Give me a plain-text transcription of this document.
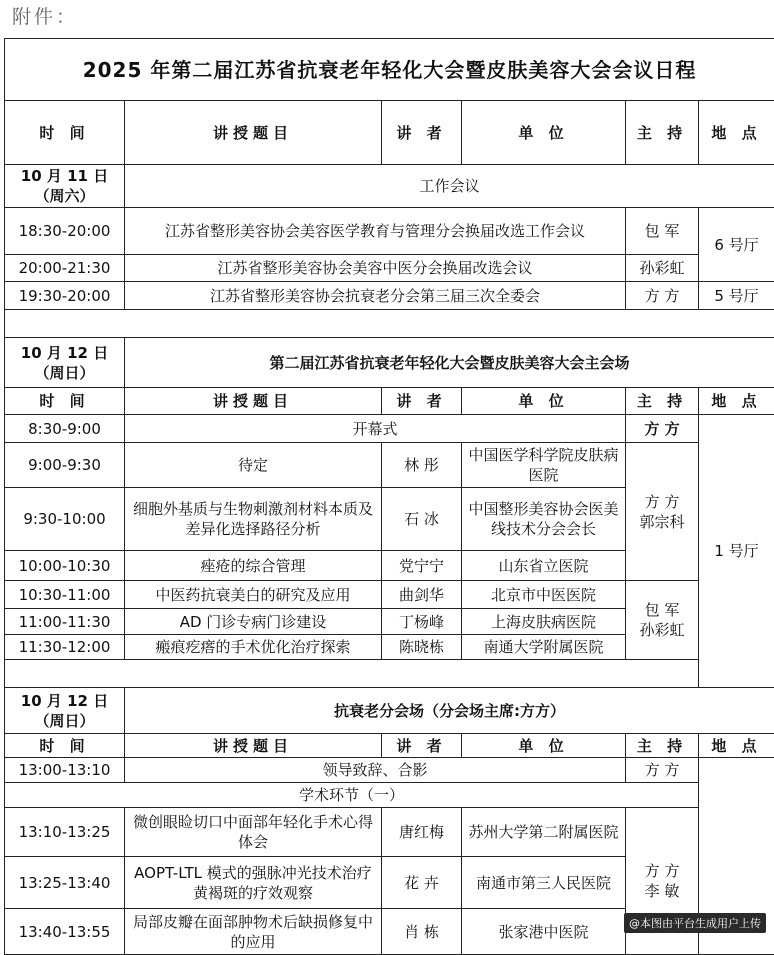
附件：
2025 年第二届江苏省抗衰老年轻化大会暨皮肤美容大会会议日程					
时 间	讲授题目	讲 者	单 位	主 持	地 点

10 月 11 日
（周六）	工作会议				
18:30-20:00	江苏省整形美容协会美容医学教育与管理分会换届改选工作会议			包 军	6 号厅
20:00-21:30	江苏省整形美容协会美容中医分会换届改选会议			孙彩虹	
19:30-20:00	江苏省整形美容协会抗衰老分会第三届三次全委会			方 方	5 号厅

10 月 12 日
（周日）	第二届江苏省抗衰老年轻化大会暨皮肤美容大会主会场				
时 间	讲授题目	讲 者	单 位	主 持	地 点
8:30-9:00	开幕式			方 方	1 号厅
9:00-9:30	待定	林 彤	中国医学科学院皮肤病医院	方 方
郭宗科	

9:30-10:00	细胞外基质与生物刺激剂材料本质及差异化选择路径分析	石 冰	中国整形美容协会医美线技术分会会长		
10:00-10:30	痤疮的综合管理	党宁宁	山东省立医院		
10:30-11:00	中医药抗衰美白的研究及应用	曲剑华	北京市中医医院	包 军
孙彩虹	

11:00-11:30	AD 门诊专病门诊建设	丁杨峰	上海皮肤病医院		
11:30-12:00	瘢痕疙瘩的手术优化治疗探索	陈晓栋	南通大学附属医院		

10 月 12 日
（周日）	抗衰老分会场（分会场主席:方方）				
时 间	讲授题目	讲 者	单 位	主 持	地 点
13:00-13:10	领导致辞、合影			方 方	
学术环节（一）					
13:10-13:25	微创眼睑切口中面部年轻化手术心得体会	唐红梅	苏州大学第二附属医院	方 方
李 敏	

13:25-13:40	AOPT-LTL 模式的强脉冲光技术治疗黄褐斑的疗效观察	花 卉	南通市第三人民医院		
13:40-13:55	局部皮瓣在面部肿物术后缺损修复中的应用	肖 栋	张家港中医院			@本图由平台生成用户上传
